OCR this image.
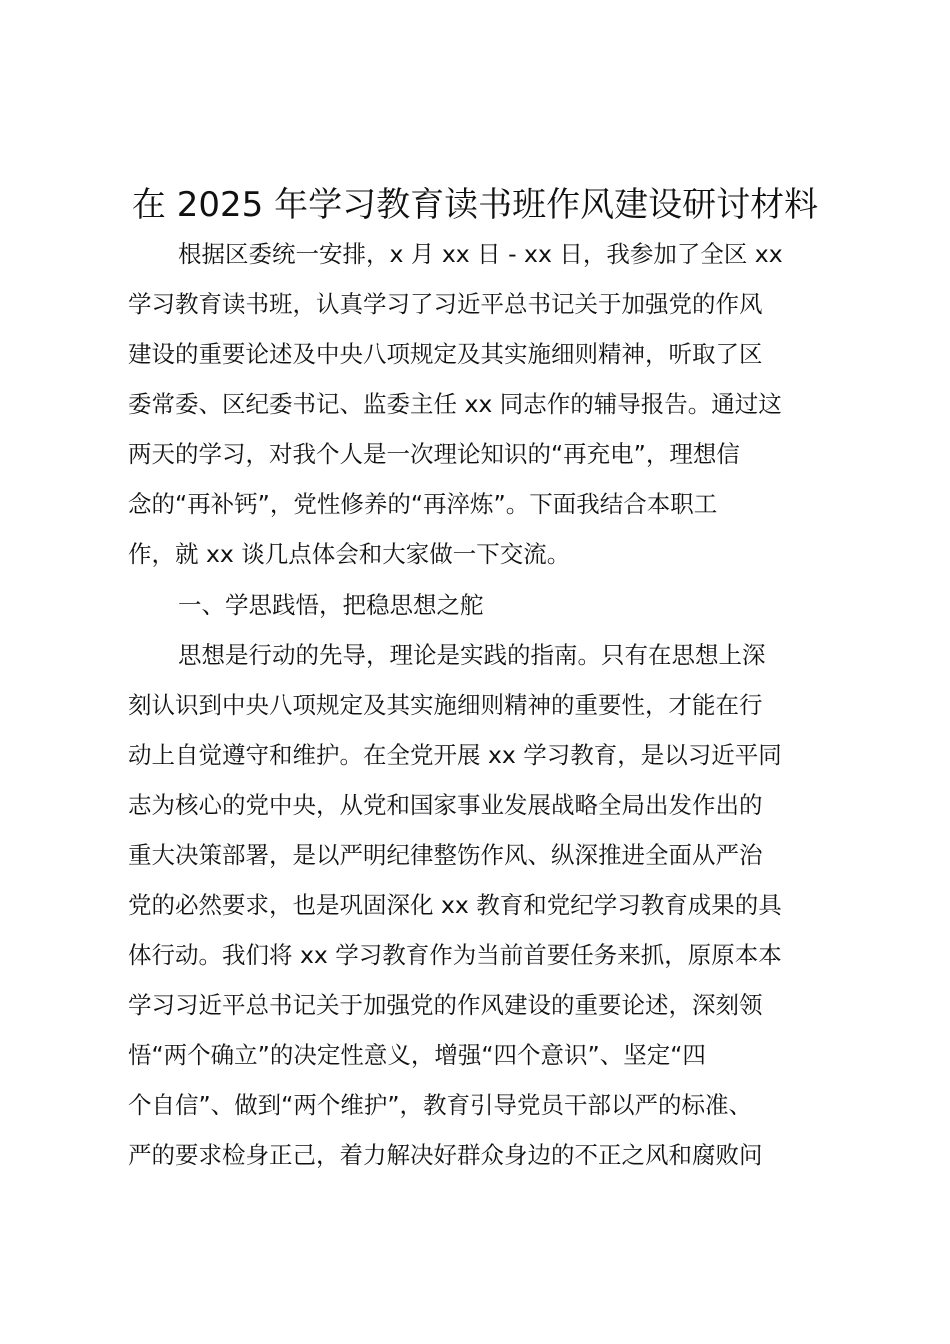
在 2025 年学习教育读书班作风建设研讨材料

根据区委统一安排，x 月 xx 日 - xx 日，我参加了全区 xx

学习教育读书班，认真学习了习近平总书记关于加强党的作风

建设的重要论述及中央八项规定及其实施细则精神，听取了区

委常委、区纪委书记、监委主任 xx 同志作的辅导报告。通过这

两天的学习，对我个人是一次理论知识的“再充电”，理想信

念的“再补钙”，党性修养的“再淬炼”。下面我结合本职工

作，就 xx 谈几点体会和大家做一下交流。

一、学思践悟，把稳思想之舵

思想是行动的先导，理论是实践的指南。只有在思想上深

刻认识到中央八项规定及其实施细则精神的重要性，才能在行

动上自觉遵守和维护。在全党开展 xx 学习教育，是以习近平同

志为核心的党中央，从党和国家事业发展战略全局出发作出的

重大决策部署，是以严明纪律整饬作风、纵深推进全面从严治

党的必然要求，也是巩固深化 xx 教育和党纪学习教育成果的具

体行动。我们将 xx 学习教育作为当前首要任务来抓，原原本本

学习习近平总书记关于加强党的作风建设的重要论述，深刻领

悟“两个确立”的决定性意义，增强“四个意识”、坚定“四

个自信”、做到“两个维护”，教育引导党员干部以严的标准、

严的要求检身正己，着力解决好群众身边的不正之风和腐败问
